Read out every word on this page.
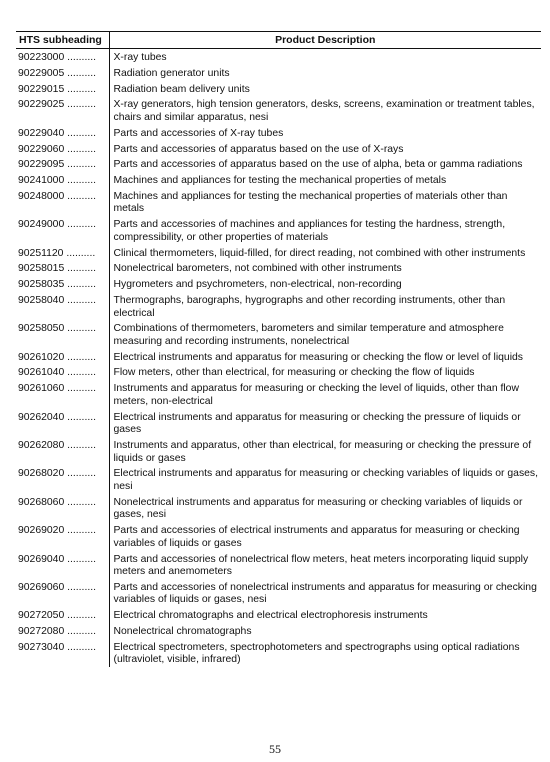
HTS subheading	Product Description
90223000 ..........	X-ray tubes
90229005 ..........	Radiation generator units
90229015 ..........	Radiation beam delivery units
90229025 ..........	X-ray generators, high tension generators, desks, screens, examination or treatment tables, chairs and similar apparatus, nesi
90229040 ..........	Parts and accessories of X-ray tubes
90229060 ..........	Parts and accessories of apparatus based on the use of X-rays
90229095 ..........	Parts and accessories of apparatus based on the use of alpha, beta or gamma radiations
90241000 ..........	Machines and appliances for testing the mechanical properties of metals
90248000 ..........	Machines and appliances for testing the mechanical properties of materials other than metals
90249000 ..........	Parts and accessories of machines and appliances for testing the hardness, strength, compressibility, or other properties of materials
90251120 ..........	Clinical thermometers, liquid-filled, for direct reading, not combined with other instruments
90258015 ..........	Nonelectrical barometers, not combined with other instruments
90258035 ..........	Hygrometers and psychrometers, non-electrical, non-recording
90258040 ..........	Thermographs, barographs, hygrographs and other recording instruments, other than electrical
90258050 ..........	Combinations of thermometers, barometers and similar temperature and atmosphere measuring and recording instruments, nonelectrical
90261020 ..........	Electrical instruments and apparatus for measuring or checking the flow or level of liquids
90261040 ..........	Flow meters, other than electrical, for measuring or checking the flow of liquids
90261060 ..........	Instruments and apparatus for measuring or checking the level of liquids, other than flow meters, non-electrical
90262040 ..........	Electrical instruments and apparatus for measuring or checking the pressure of liquids or gases
90262080 ..........	Instruments and apparatus, other than electrical, for measuring or checking the pressure of liquids or gases
90268020 ..........	Electrical instruments and apparatus for measuring or checking variables of liquids or gases, nesi
90268060 ..........	Nonelectrical instruments and apparatus for measuring or checking variables of liquids or gases, nesi
90269020 ..........	Parts and accessories of electrical instruments and apparatus for measuring or checking variables of liquids or gases
90269040 ..........	Parts and accessories of nonelectrical flow meters, heat meters incorporating liquid supply meters and anemometers
90269060 ..........	Parts and accessories of nonelectrical instruments and apparatus for measuring or checking variables of liquids or gases, nesi
90272050 ..........	Electrical chromatographs and electrical electrophoresis instruments
90272080 ..........	Nonelectrical chromatographs
90273040 ..........	Electrical spectrometers, spectrophotometers and spectrographs using optical radiations (ultraviolet, visible, infrared)
55
